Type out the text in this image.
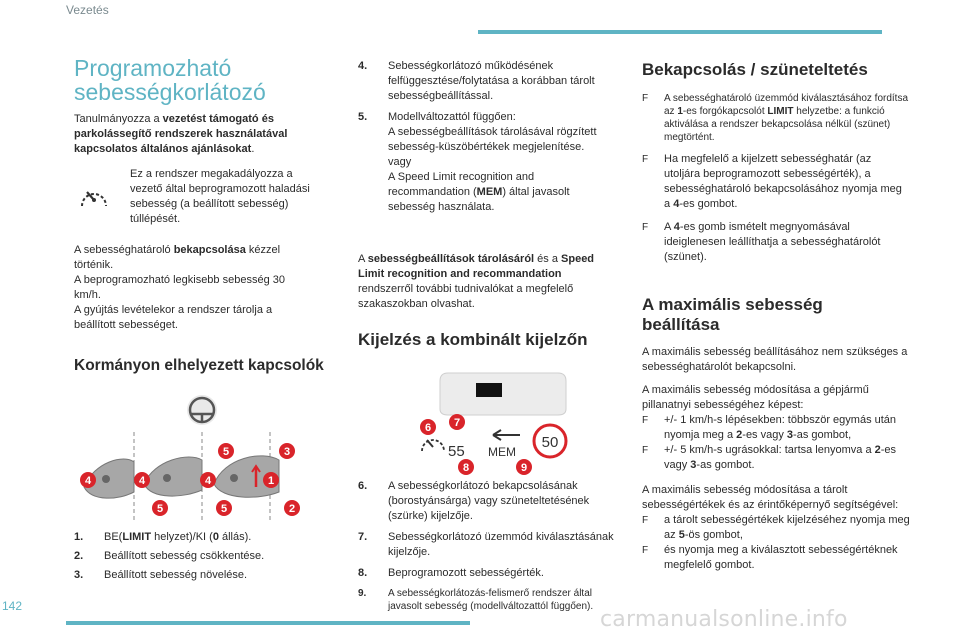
Vezetés
142
carmanualsonline.info
Programozható
sebességkorlátozó

Tanulmányozza a vezetést támogató és parkolássegítő rendszerek használatával kapcsolatos általános ajánlásokat.

Ez a rendszer megakadályozza a vezető által beprogramozott haladási sebesség (a beállított sebesség) túllépését.

A sebességhatároló bekapcsolása kézzel történik.

A beprogramozható legkisebb sebesség 30 km/h.

A gyújtás levételekor a rendszer tárolja a beállított sebességet.

Kormányon elhelyezett kapcsolók
4	4
5
4
5
5	3
1
2
1.	BE(LIMIT helyzet)/KI (0 állás).
2.	Beállított sebesség csökkentése.
3.	Beállított sebesség növelése.
4.	Sebességkorlátozó működésének felfüggesztése/folytatása a korábban tárolt sebességbeállítással.
5.	Modellváltozattól függően:
A sebességbeállítások tárolásával rögzített sebesség-küszöbértékek megjelenítése.
vagy
A Speed Limit recognition and recommandation (MEM) által javasolt sebesség használata.

A sebességbeállítások tárolásáról és a Speed Limit recognition and recommandation rendszerről további tudnivalókat a megfelelő szakaszokban olvashat.

Kijelzés a kombinált kijelzőn
55 MEM
50
6 7
8	9
6.	A sebességkorlátozó bekapcsolásának (borostyánsárga) vagy szüneteltetésének (szürke) kijelzője.
7.	Sebességkorlátozó üzemmód kiválasztásának kijelzője.
8.	Beprogramozott sebességérték.
9.	A sebességkorlátozás-felismerő rendszer által javasolt sebesség (modellváltozattól függően).
Bekapcsolás / szüneteltetés
F	A sebességhatároló üzemmód kiválasztásához fordítsa az 1-es forgókapcsolót LIMIT helyzetbe: a funkció aktiválása a rendszer bekapcsolása nélkül (szünet) megtörtént.
F	Ha megfelelő a kijelzett sebességhatár (az utoljára beprogramozott sebességérték), a sebességhatároló bekapcsolásához nyomja meg a 4-es gombot.
F	A 4-es gomb ismételt megnyomásával ideiglenesen leállíthatja a sebességhatárolót (szünet).
A maximális sebesség
beállítása

A maximális sebesség beállításához nem szükséges a sebességhatárolót bekapcsolni.

A maximális sebesség módosítása a gépjármű pillanatnyi sebességéhez képest:

F	+/- 1 km/h-s lépésekben: többször egymás után nyomja meg a 2-es vagy 3-as gombot,
F	+/- 5 km/h-s ugrásokkal: tartsa lenyomva a 2-es vagy 3-as gombot.

A maximális sebesség módosítása a tárolt sebességértékek és az érintőképernyő segítségével:

F	a tárolt sebességértékek kijelzéséhez nyomja meg az 5-ös gombot,
F	és nyomja meg a kiválasztott sebességértéknek megfelelő gombot.
